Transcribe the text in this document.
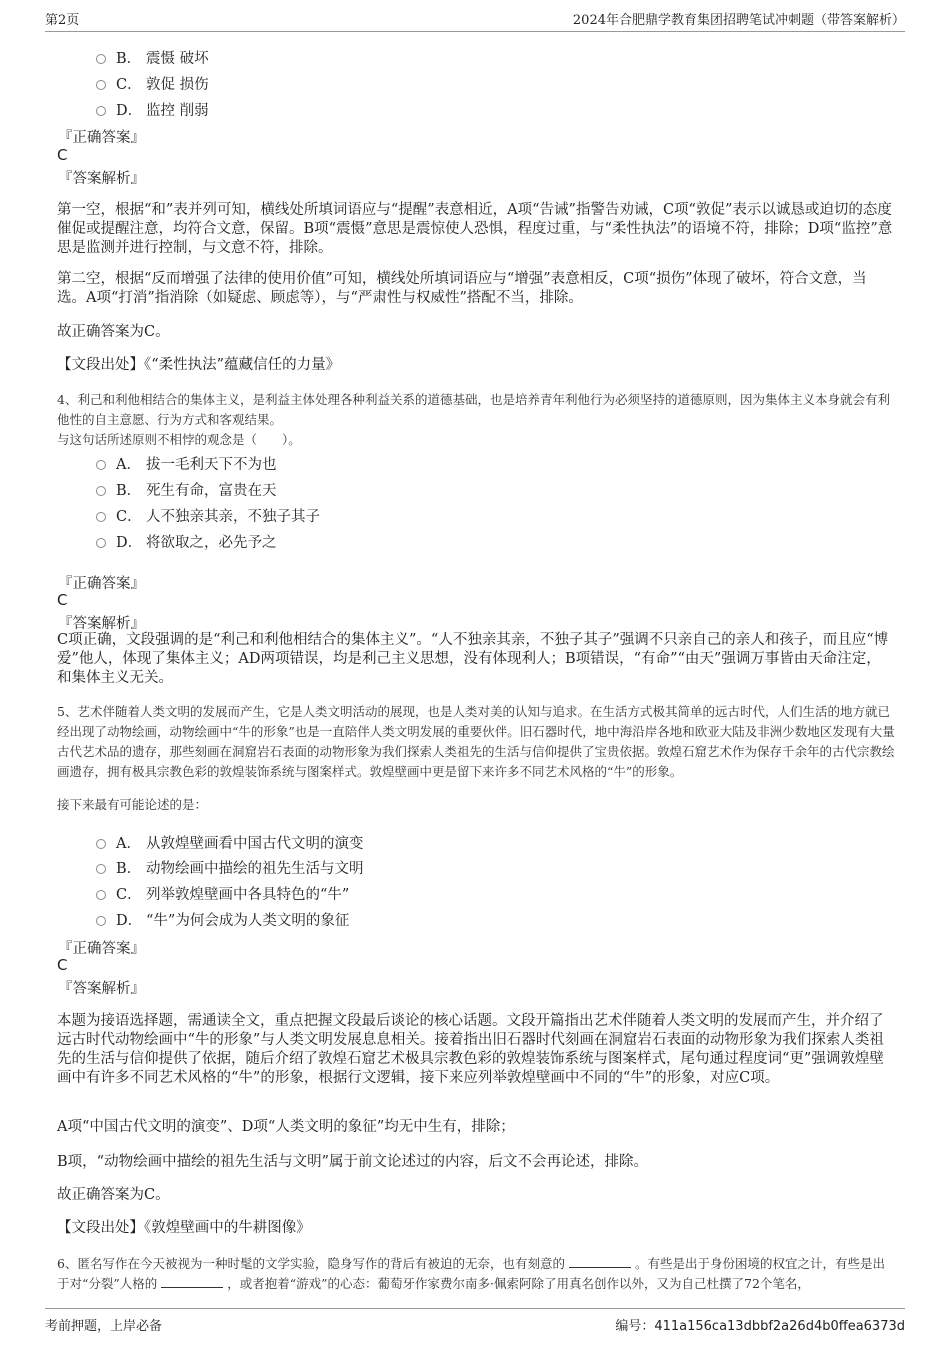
第2页	2024年合肥鼎学教育集团招聘笔试冲刺题（带答案解析）
B． 震慑 破坏
C． 敦促 损伤
D． 监控 削弱
『正确答案』
C
『答案解析』
第一空，根据“和”表并列可知，横线处所填词语应与“提醒”表意相近，A项“告诫”指警告劝诫，C项“敦促”表示以诚恳或迫切的态度催促或提醒注意，均符合文意，保留。B项“震慑”意思是震惊使人恐惧，程度过重，与“柔性执法”的语境不符，排除；D项“监控”意思是监测并进行控制，与文意不符，排除。
第二空，根据“反而增强了法律的使用价值”可知，横线处所填词语应与“增强”表意相反，C项“损伤”体现了破坏，符合文意，当选。A项“打消”指消除（如疑虑、顾虑等），与“严肃性与权威性”搭配不当，排除。
故正确答案为C。
【文段出处】《“柔性执法”蕴藏信任的力量》
4、利己和利他相结合的集体主义，是利益主体处理各种利益关系的道德基础，也是培养青年利他行为必须坚持的道德原则，因为集体主义本身就会有利他性的自主意愿、行为方式和客观结果。
与这句话所述原则不相悖的观念是（　　）。
A． 拔一毛利天下不为也
B． 死生有命，富贵在天
C． 人不独亲其亲，不独子其子
D． 将欲取之，必先予之
『正确答案』
C
『答案解析』
C项正确，文段强调的是“利己和利他相结合的集体主义”。“人不独亲其亲，不独子其子”强调不只亲自己的亲人和孩子，而且应“博爱”他人，体现了集体主义；AD两项错误，均是利己主义思想，没有体现利人；B项错误，“有命”“由天”强调万事皆由天命注定，和集体主义无关。
5、艺术伴随着人类文明的发展而产生，它是人类文明活动的展现，也是人类对美的认知与追求。在生活方式极其简单的远古时代，人们生活的地方就已经出现了动物绘画，动物绘画中“牛的形象”也是一直陪伴人类文明发展的重要伙伴。旧石器时代，地中海沿岸各地和欧亚大陆及非洲少数地区发现有大量古代艺术品的遗存，那些刻画在洞窟岩石表面的动物形象为我们探索人类祖先的生活与信仰提供了宝贵依据。敦煌石窟艺术作为保存千余年的古代宗教绘画遗存，拥有极具宗教色彩的敦煌装饰系统与图案样式。敦煌壁画中更是留下来许多不同艺术风格的“牛”的形象。
接下来最有可能论述的是：
A． 从敦煌壁画看中国古代文明的演变
B． 动物绘画中描绘的祖先生活与文明
C． 列举敦煌壁画中各具特色的“牛”
D． “牛”为何会成为人类文明的象征
『正确答案』
C
『答案解析』
本题为接语选择题，需通读全文，重点把握文段最后谈论的核心话题。文段开篇指出艺术伴随着人类文明的发展而产生，并介绍了远古时代动物绘画中“牛的形象”与人类文明发展息息相关。接着指出旧石器时代刻画在洞窟岩石表面的动物形象为我们探索人类祖先的生活与信仰提供了依据，随后介绍了敦煌石窟艺术极具宗教色彩的敦煌装饰系统与图案样式，尾句通过程度词“更”强调敦煌壁画中有许多不同艺术风格的“牛”的形象，根据行文逻辑，接下来应列举敦煌壁画中不同的“牛”的形象，对应C项。
A项“中国古代文明的演变”、D项“人类文明的象征”均无中生有，排除；
B项，“动物绘画中描绘的祖先生活与文明”属于前文论述过的内容，后文不会再论述，排除。
故正确答案为C。
【文段出处】《敦煌壁画中的牛耕图像》
6、匿名写作在今天被视为一种时髦的文学实验，隐身写作的背后有被迫的无奈，也有刻意的	。有些是出于身份困境的权宜之计，有些是出于对“分裂”人格的	，或者抱着“游戏”的心态：葡萄牙作家费尔南多·佩索阿除了用真名创作以外，又为自己杜撰了72个笔名，
考前押题，上岸必备	编号：411a156ca13dbbf2a26d4b0ffea6373d
